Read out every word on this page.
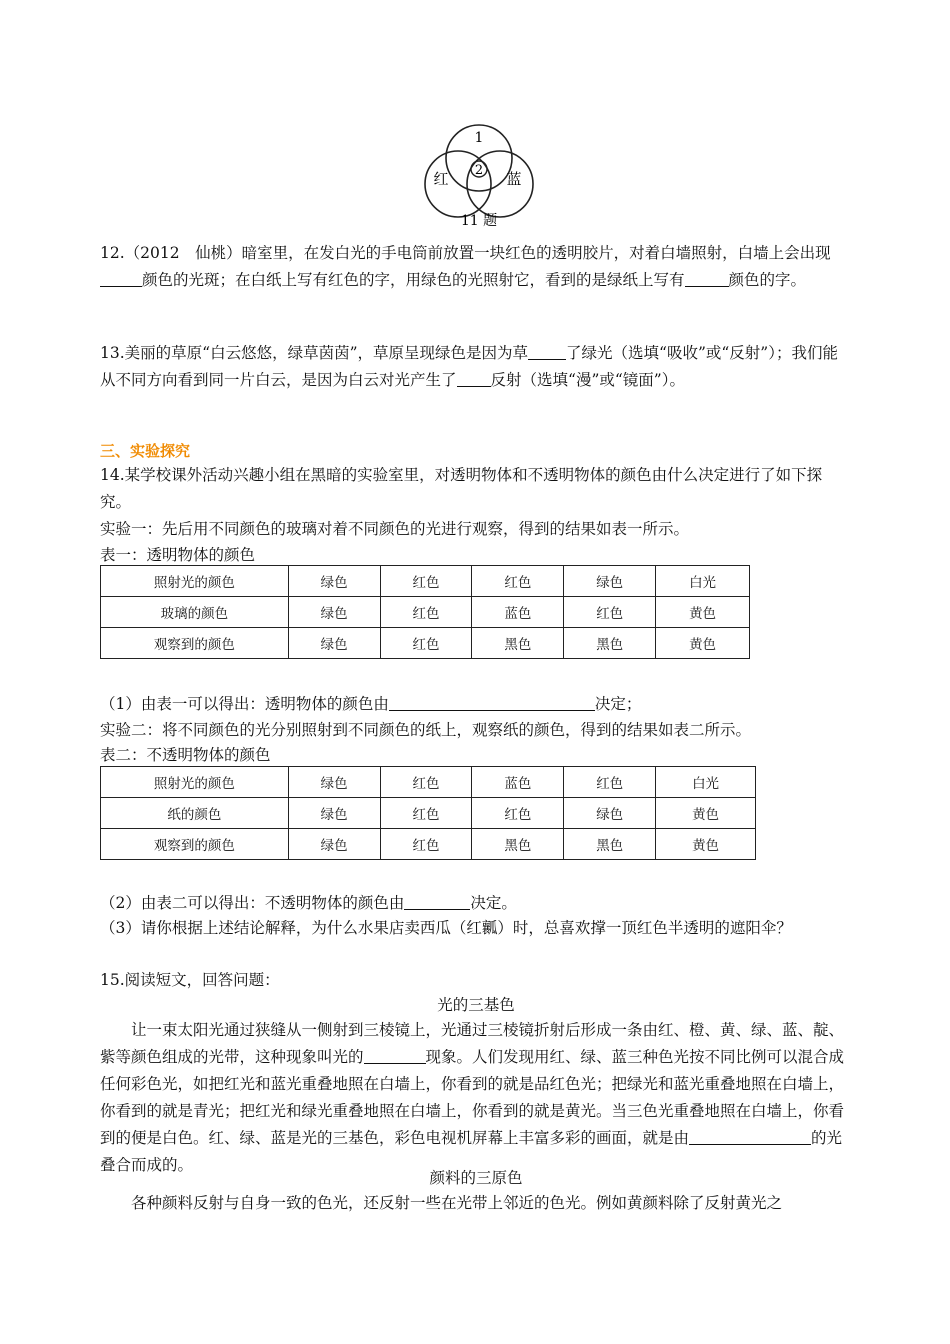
1
2
红	蓝
11 题
12.（2012　仙桃）暗室里，在发白光的手电筒前放置一块红色的透明胶片，对着白墙照射，白墙上会出现颜色的光斑；在白纸上写有红色的字，用绿色的光照射它，看到的是绿纸上写有	颜色的字。
13.美丽的草原“白云悠悠，绿草茵茵”，草原呈现绿色是因为草 了绿光（选填“吸收”或“反射”）；我们能从不同方向看到同一片白云，是因为白云对光产生了 反射（选填“漫”或“镜面”）。
三、实验探究
14.某学校课外活动兴趣小组在黑暗的实验室里，对透明物体和不透明物体的颜色由什么决定进行了如下探究。
实验一：先后用不同颜色的玻璃对着不同颜色的光进行观察，得到的结果如表一所示。
表一：透明物体的颜色
照射光的颜色	绿色	红色	红色	绿色	白光
玻璃的颜色	绿色	红色	蓝色	红色	黄色
观察到的颜色	绿色	红色	黑色	黑色	黄色
（1）由表一可以得出：透明物体的颜色由	决定；
实验二：将不同颜色的光分别照射到不同颜色的纸上，观察纸的颜色，得到的结果如表二所示。
表二：不透明物体的颜色
照射光的颜色	绿色	红色	蓝色	红色	白光
纸的颜色	绿色	红色	红色	绿色	黄色
观察到的颜色	绿色	红色	黑色	黑色	黄色
（2）由表二可以得出：不透明物体的颜色由	决定。
（3）请你根据上述结论解释，为什么水果店卖西瓜（红瓤）时，总喜欢撑一顶红色半透明的遮阳伞？
15.阅读短文，回答问题：
光的三基色
让一束太阳光通过狭缝从一侧射到三棱镜上，光通过三棱镜折射后形成一条由红、橙、黄、绿、蓝、靛、紫等颜色组成的光带，这种现象叫光的	现象。人们发现用红、绿、蓝三种色光按不同比例可以混合成任何彩色光，如把红光和蓝光重叠地照在白墙上，你看到的就是品红色光；把绿光和蓝光重叠地照在白墙上，你看到的就是青光；把红光和绿光重叠地照在白墙上，你看到的就是黄光。当三色光重叠地照在白墙上，你看到的便是白色。红、绿、蓝是光的三基色，彩色电视机屏幕上丰富多彩的画面，就是由	的光叠合而成的。
颜料的三原色
各种颜料反射与自身一致的色光，还反射一些在光带上邻近的色光。例如黄颜料除了反射黄光之
